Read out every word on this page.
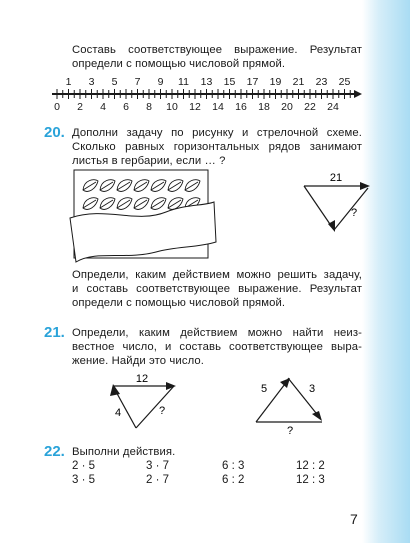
Составь соответствующее выражение. Результат
определи с помощью числовой прямой.
1 3 5 7 9 11 13 15 17 19 21 23 25
0 2 4 6 8 10 12 14 16 18 20 22 24
20. Дополни задачу по рисунку и стрелочной схеме.
Сколько равных горизонтальных рядов занимают
листья в гербарии, если … ?
21
?
Определи, каким действием можно решить задачу,
и составь соответствующее выражение. Результат
определи с помощью числовой прямой.
21. Определи, каким действием можно найти неиз-
вестное число, и составь соответствующее выра-
жение. Найди это число.
12
4	?
5	3
?
22. Выполни действия.
2 · 5	3 · 7	6 : 3	12 : 2
3 · 5	2 · 7	6 : 2	12 : 3
7
